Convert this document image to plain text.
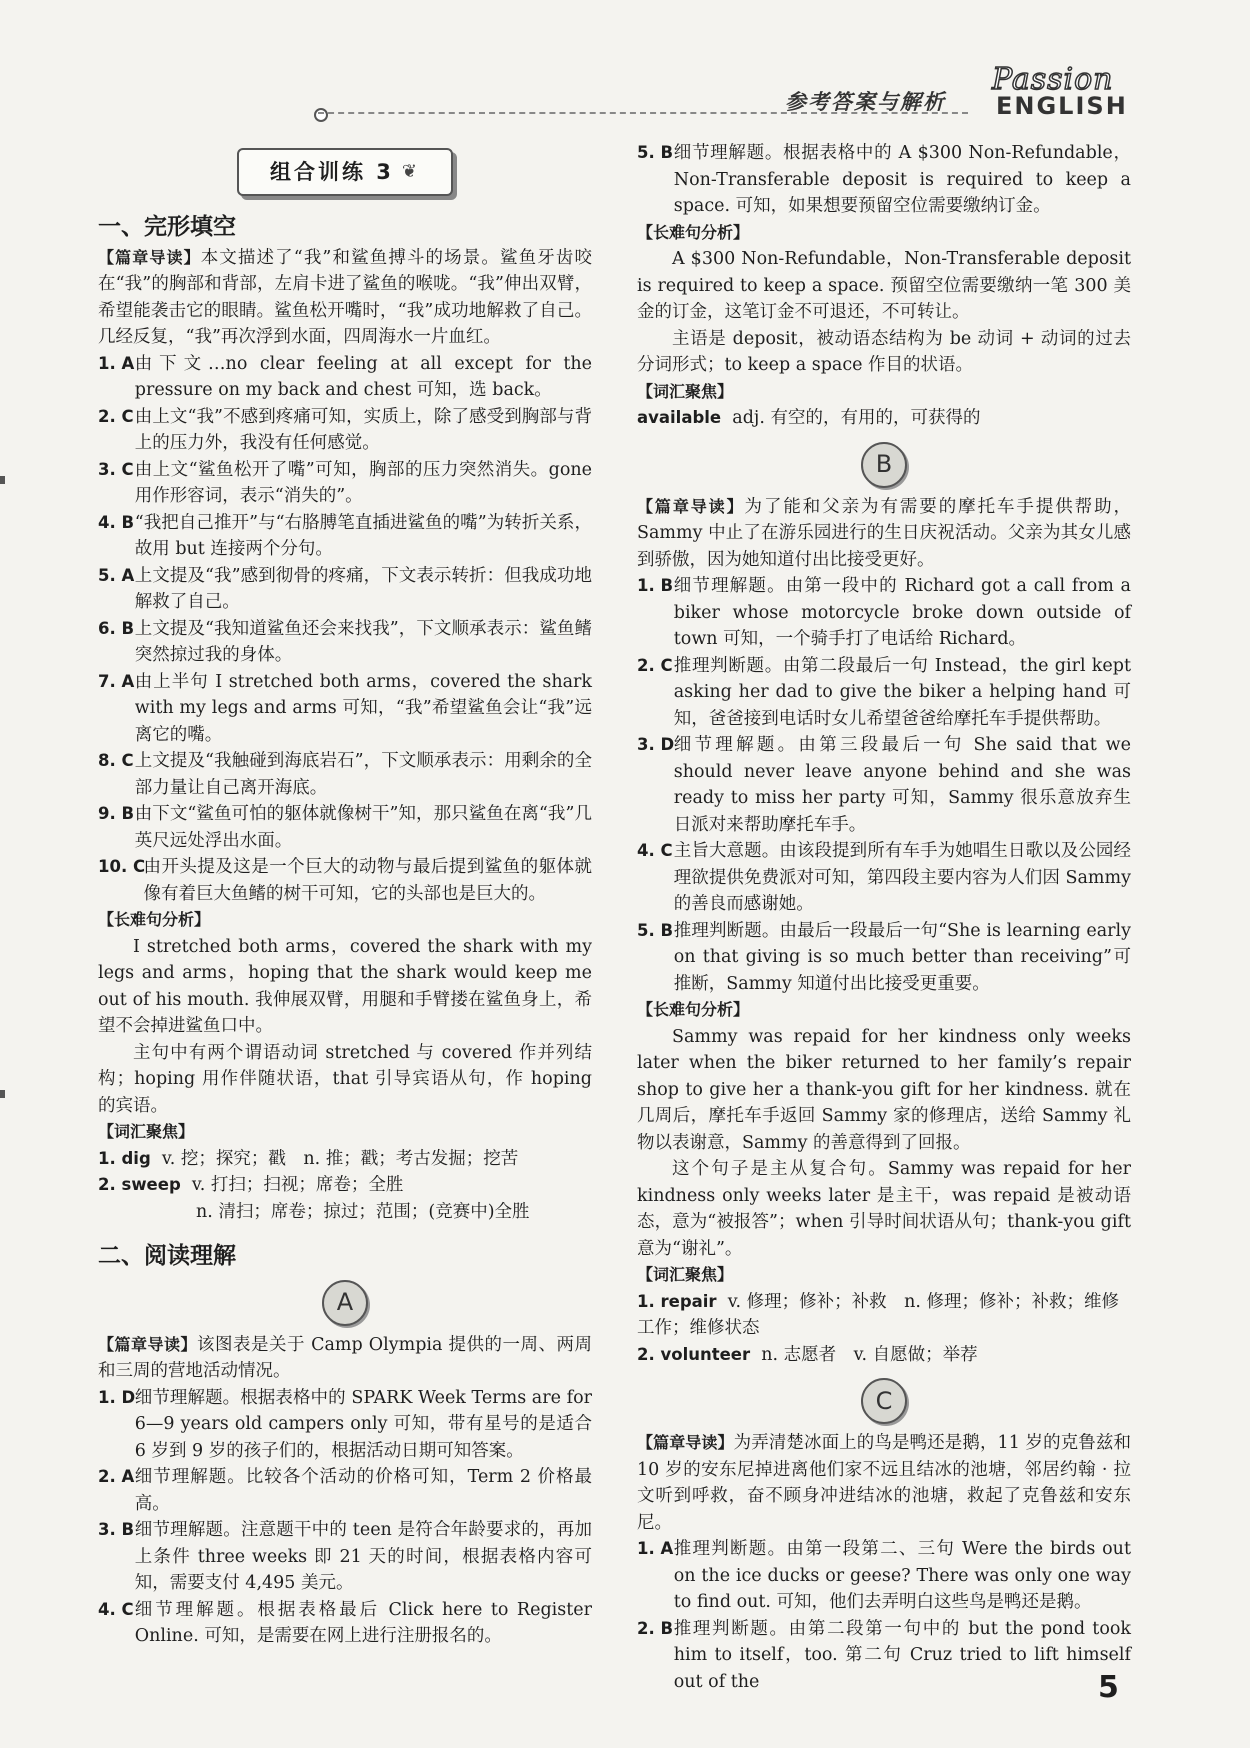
参考答案与解析
Passion
ENGLISH
组合训练 3 ❦
一、完形填空

【篇章导读】本文描述了“我”和鲨鱼搏斗的场景。鲨鱼牙齿咬在“我”的胸部和背部，左肩卡进了鲨鱼的喉咙。“我”伸出双臂，希望能袭击它的眼睛。鲨鱼松开嘴时，“我”成功地解救了自己。几经反复，“我”再次浮到水面，四周海水一片血红。

1. A 由下文…no clear feeling at all except for the pressure on my back and chest 可知，选 back。
2. C 由上文“我”不感到疼痛可知，实质上，除了感受到胸部与背上的压力外，我没有任何感觉。
3. C 由上文“鲨鱼松开了嘴”可知，胸部的压力突然消失。gone 用作形容词，表示“消失的”。
4. B “我把自己推开”与“右胳膊笔直插进鲨鱼的嘴”为转折关系，故用 but 连接两个分句。
5. A 上文提及“我”感到彻骨的疼痛，下文表示转折：但我成功地解救了自己。
6. B 上文提及“我知道鲨鱼还会来找我”，下文顺承表示：鲨鱼鳍突然掠过我的身体。
7. A 由上半句 I stretched both arms，covered the shark with my legs and arms 可知，“我”希望鲨鱼会让“我”远离它的嘴。
8. C 上文提及“我触碰到海底岩石”，下文顺承表示：用剩余的全部力量让自己离开海底。
9. B 由下文“鲨鱼可怕的躯体就像树干”知，那只鲨鱼在离“我”几英尺远处浮出水面。
10. C
由开头提及这是一个巨大的动物与最后提到鲨鱼的躯体就像有着巨大鱼鳍的树干可知，它的头部也是巨大的。
【长难句分析】

I stretched both arms，covered the shark with my legs and arms，hoping that the shark would keep me out of his mouth. 我伸展双臂，用腿和手臂搂在鲨鱼身上，希望不会掉进鲨鱼口中。

主句中有两个谓语动词 stretched 与 covered 作并列结构；hoping 用作伴随状语，that 引导宾语从句，作 hoping 的宾语。

【词汇聚焦】
1. dig v. 挖；探究；戳　n. 推；戳；考古发掘；挖苦
2. sweep v. 打扫；扫视；席卷；全胜
n. 清扫；席卷；掠过；范围；(竞赛中)全胜
二、阅读理解
A

【篇章导读】该图表是关于 Camp Olympia 提供的一周、两周和三周的营地活动情况。

1. D 细节理解题。根据表格中的 SPARK Week Terms are for 6—9 years old campers only 可知，带有星号的是适合 6 岁到 9 岁的孩子们的，根据活动日期可知答案。
2. A 细节理解题。比较各个活动的价格可知，Term 2 价格最高。
3. B 细节理解题。注意题干中的 teen 是符合年龄要求的，再加上条件 three weeks 即 21 天的时间，根据表格内容可知，需要支付 4,495 美元。
4. C 细节理解题。根据表格最后 Click here to Register Online. 可知，是需要在网上进行注册报名的。
5. B 细节理解题。根据表格中的 A $300 Non-Refundable，Non-Transferable deposit is required to keep a space. 可知，如果想要预留空位需要缴纳订金。
【长难句分析】

A $300 Non-Refundable，Non-Transferable deposit is required to keep a space. 预留空位需要缴纳一笔 300 美金的订金，这笔订金不可退还，不可转让。

主语是 deposit，被动语态结构为 be 动词 + 动词的过去分词形式；to keep a space 作目的状语。

【词汇聚焦】
available adj. 有空的，有用的，可获得的
B

【篇章导读】为了能和父亲为有需要的摩托车手提供帮助，Sammy 中止了在游乐园进行的生日庆祝活动。父亲为其女儿感到骄傲，因为她知道付出比接受更好。

1. B 细节理解题。由第一段中的 Richard got a call from a biker whose motorcycle broke down outside of town 可知，一个骑手打了电话给 Richard。
2. C 推理判断题。由第二段最后一句 Instead，the girl kept asking her dad to give the biker a helping hand 可知，爸爸接到电话时女儿希望爸爸给摩托车手提供帮助。
3. D 细节理解题。由第三段最后一句 She said that we should never leave anyone behind and she was ready to miss her party 可知，Sammy 很乐意放弃生日派对来帮助摩托车手。
4. C 主旨大意题。由该段提到所有车手为她唱生日歌以及公园经理欲提供免费派对可知，第四段主要内容为人们因 Sammy 的善良而感谢她。
5. B 推理判断题。由最后一段最后一句“She is learning early on that giving is so much better than receiving”可推断，Sammy 知道付出比接受更重要。
【长难句分析】

Sammy was repaid for her kindness only weeks later when the biker returned to her family’s repair shop to give her a thank-you gift for her kindness. 就在几周后，摩托车手返回 Sammy 家的修理店，送给 Sammy 礼物以表谢意，Sammy 的善意得到了回报。

这个句子是主从复合句。Sammy was repaid for her kindness only weeks later 是主干，was repaid 是被动语态，意为“被报答”；when 引导时间状语从句；thank-you gift 意为“谢礼”。

【词汇聚焦】
1. repair v. 修理；修补；补救　n. 修理；修补；补救；维修工作；维修状态
2. volunteer n. 志愿者　v. 自愿做；举荐
C

【篇章导读】为弄清楚冰面上的鸟是鸭还是鹅，11 岁的克鲁兹和 10 岁的安东尼掉进离他们家不远且结冰的池塘，邻居约翰 · 拉文听到呼救，奋不顾身冲进结冰的池塘，救起了克鲁兹和安东尼。

1. A 推理判断题。由第一段第二、三句 Were the birds out on the ice ducks or geese? There was only one way to find out. 可知，他们去弄明白这些鸟是鸭还是鹅。
2. B 推理判断题。由第二段第一句中的 but the pond took him to itself，too. 第二句 Cruz tried to lift himself out of the	5
